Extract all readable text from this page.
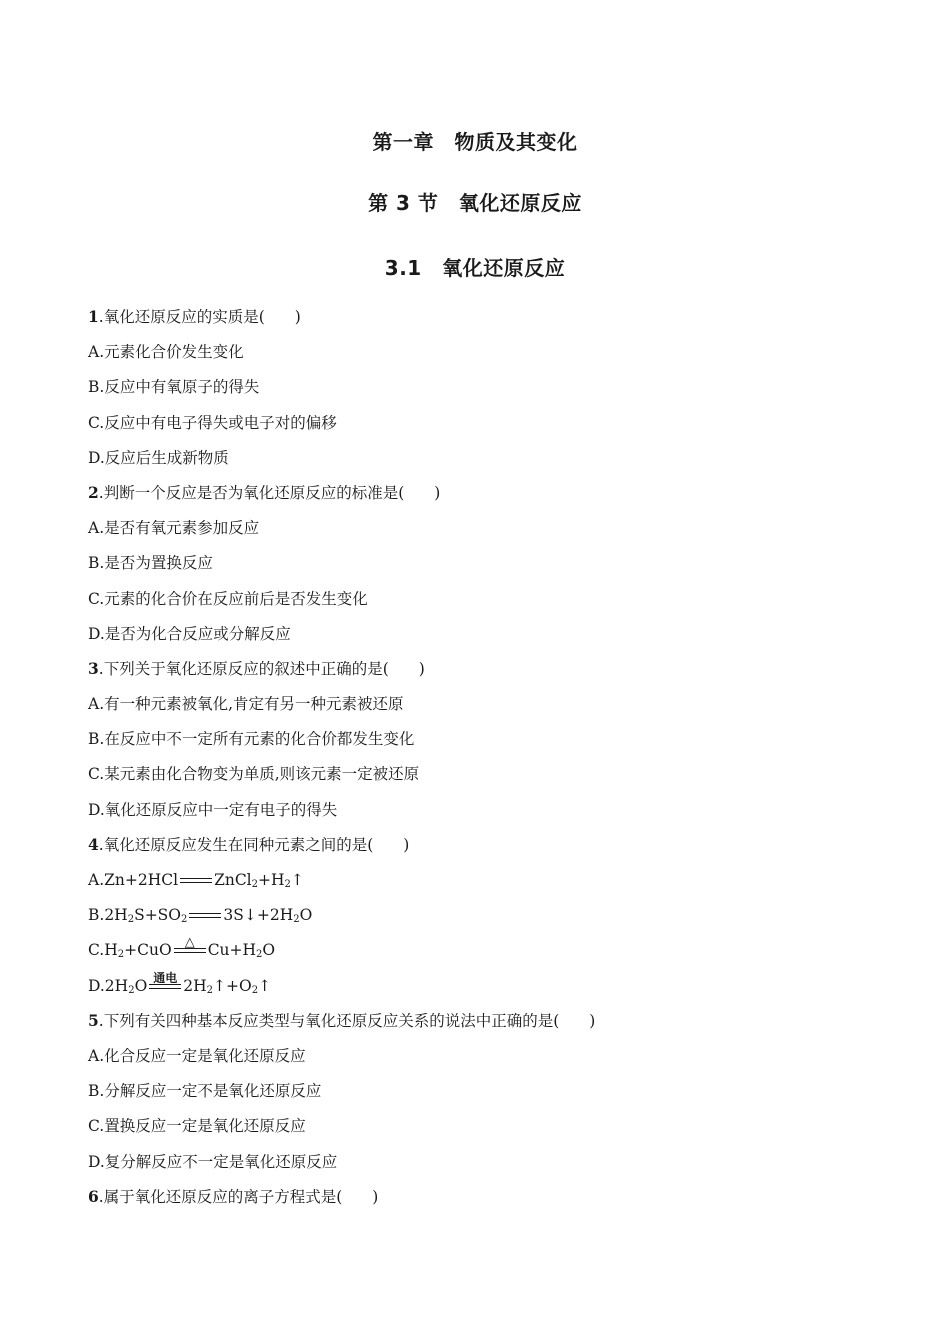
第一章　物质及其变化
第 3 节　氧化还原反应
3.1　氧化还原反应
1.氧化还原反应的实质是( )
A.元素化合价发生变化
B.反应中有氧原子的得失
C.反应中有电子得失或电子对的偏移
D.反应后生成新物质
2.判断一个反应是否为氧化还原反应的标准是( )
A.是否有氧元素参加反应
B.是否为置换反应
C.元素的化合价在反应前后是否发生变化
D.是否为化合反应或分解反应
3.下列关于氧化还原反应的叙述中正确的是( )
A.有一种元素被氧化,肯定有另一种元素被还原
B.在反应中不一定所有元素的化合价都发生变化
C.某元素由化合物变为单质,则该元素一定被还原
D.氧化还原反应中一定有电子的得失
4.氧化还原反应发生在同种元素之间的是( )
A.Zn+2HCl $ZnCl_2+H_2↑$
$B.2H_2S+SO_2$ $3S↓+2H_2O$
$C.H_2+CuO$	△ $Cu+H_2O$
$D.2H_2O$ 通电 $2H_2↑+O_2↑$
5.下列有关四种基本反应类型与氧化还原反应关系的说法中正确的是( )
A.化合反应一定是氧化还原反应
B.分解反应一定不是氧化还原反应
C.置换反应一定是氧化还原反应
D.复分解反应不一定是氧化还原反应
6.属于氧化还原反应的离子方程式是( )
